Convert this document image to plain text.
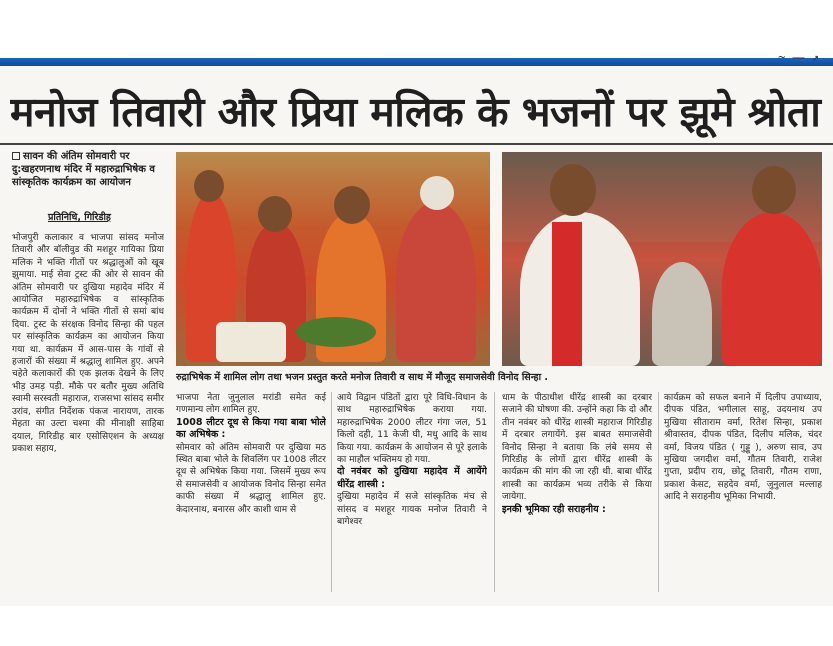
~ ⎯⎯ ↗
मनोज तिवारी और प्रिया मलिक के भजनों पर झूमे श्रोता
सावन की अंतिम सोमवारी पर दु:खहरणनाथ मंदिर में महारुद्राभिषेक व सांस्कृतिक कार्यक्रम का आयोजन
प्रतिनिधि, गिरिडीह
रुद्राभिषेक में शामिल लोग तथा भजन प्रस्तुत करते मनोज तिवारी व साथ में मौजूद समाजसेवी विनोद सिन्हा .
भोजपुरी कलाकार व भाजपा सांसद मनोज तिवारी और बॉलीवुड की मशहूर गायिका प्रिया मलिक ने भक्ति गीतों पर श्रद्धालुओं को खूब झुमाया. माई सेवा ट्रस्ट की ओर से सावन की अंतिम सोमवारी पर दुखिया महादेव मंदिर में आयोजित महारुद्राभिषेक व सांस्कृतिक कार्यक्रम में दोनों ने भक्ति गीतों से समां बांध दिया. ट्रस्ट के संरक्षक विनोद सिन्हा की पहल पर सांस्कृतिक कार्यक्रम का आयोजन किया गया था. कार्यक्रम में आस-पास के गांवों से हजारों की संख्या में श्रद्धालु शामिल हुए. अपने चहेते कलाकारों की एक झलक देखने के लिए भीड़ उमड़ पड़ी. मौके पर बतौर मुख्य अतिथि स्वामी सरस्वती महाराज, राजसभा सांसद समीर उरांव, संगीत निर्देशक पंकज नारायण, तारक मेहता का उल्टा चश्मा की मीनाक्षी साहिबा दयाल, गिरिडीह बार एसोसिएशन के अध्यक्ष प्रकाश सहाय,
भाजपा नेता जुनुलाल मरांडी समेत कई गणमान्य लोग शामिल हुए.
1008 लीटर दूध से किया गया बाबा भोले का अभिषेक :
सोमवार को अंतिम सोमवारी पर दुखिया मठ स्थित बाबा भोले के शिवलिंग पर 1008 लीटर दूध से अभिषेक किया गया. जिसमें मुख्य रूप से समाजसेवी व आयोजक विनोद सिन्हा समेत काफी संख्या में श्रद्धालु शामिल हुए. केदारनाथ, बनारस और काशी धाम से
आये विद्वान पंडितों द्वारा पूरे विधि-विधान के साथ महारुद्राभिषेक कराया गया. महारुद्राभिषेक 2000 लीटर गंगा जल, 51 किलो दही, 11 केजी घी, मधु आदि के साथ किया गया. कार्यक्रम के आयोजन से पूरे इलाके का माहौल भक्तिमय हो गया.
दो नवंबर को दुखिया महादेव में आयेंगे धीरेंद्र शास्त्री :
दुखिया महादेव में सजे सांस्कृतिक मंच से सांसद व मशहूर गायक मनोज तिवारी ने बागेश्वर
धाम के पीठाधीश धीरेंद्र शास्त्री का दरबार सजाने की घोषणा की. उन्होंने कहा कि दो और तीन नवंबर को धीरेंद्र शास्त्री महाराज गिरिडीह में दरबार लगायेंगे. इस बाबत समाजसेवी विनोद सिन्हा ने बताया कि लंबे समय से गिरिडीह के लोगों द्वारा धीरेंद्र शास्त्री के कार्यक्रम की मांग की जा रही थी. बाबा धीरेंद्र शास्त्री का कार्यक्रम भव्य तरीके से किया जायेगा.
इनकी भूमिका रही सराहनीय :
कार्यक्रम को सफल बनाने में दिलीप उपाध्याय, दीपक पंडित, भगीलाल साहू, उदयनाथ उप मुखिया सीताराम वर्मा, रितेश सिन्हा, प्रकाश श्रीवास्तव, दीपक पंडित, दिलीप मलिक, चंदर वर्मा, विजय पंडित ( गुड्डू ), अरुण साव, उप मुखिया जगदीश वर्मा, गौतम तिवारी, राजेश गुप्ता, प्रदीप राय, छोटू तिवारी, गौतम राणा, प्रकाश केसट, सहदेव वर्मा, जुनुलाल मल्लाह आदि ने सराहनीय भूमिका निभायी.
